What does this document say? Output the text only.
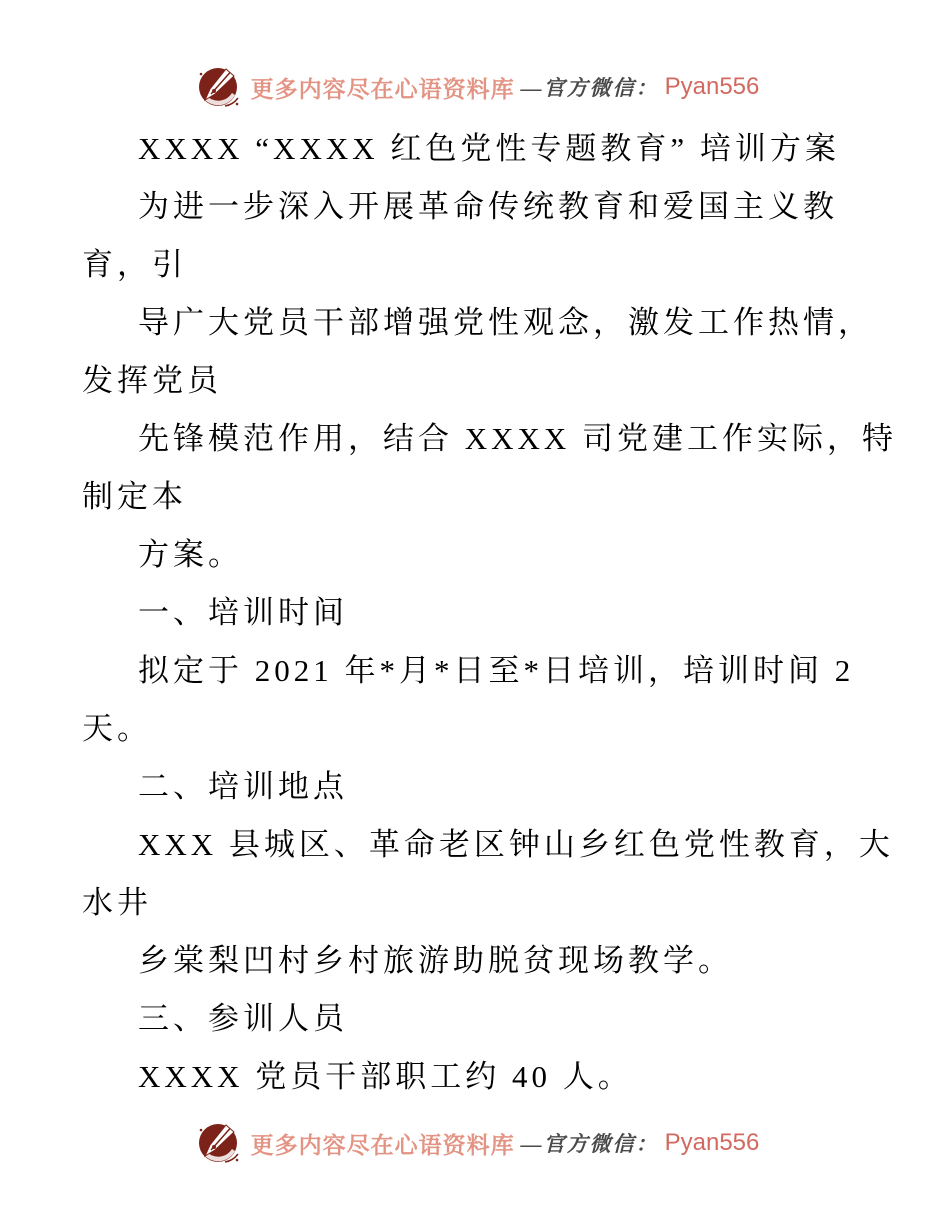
更多内容尽在心语资料库 —官方微信： Pyan556
XXXX “XXXX 红色党性专题教育” 培训方案
为进一步深入开展革命传统教育和爱国主义教
育，引
导广大党员干部增强党性观念，激发工作热情，
发挥党员
先锋模范作用，结合 XXXX 司党建工作实际，特
制定本
方案。
一、培训时间
拟定于 2021 年*月*日至*日培训，培训时间 2
天。
二、培训地点
XXX 县城区、革命老区钟山乡红色党性教育，大
水井
乡棠梨凹村乡村旅游助脱贫现场教学。
三、参训人员
XXXX 党员干部职工约 40 人。
更多内容尽在心语资料库 —官方微信： Pyan556
